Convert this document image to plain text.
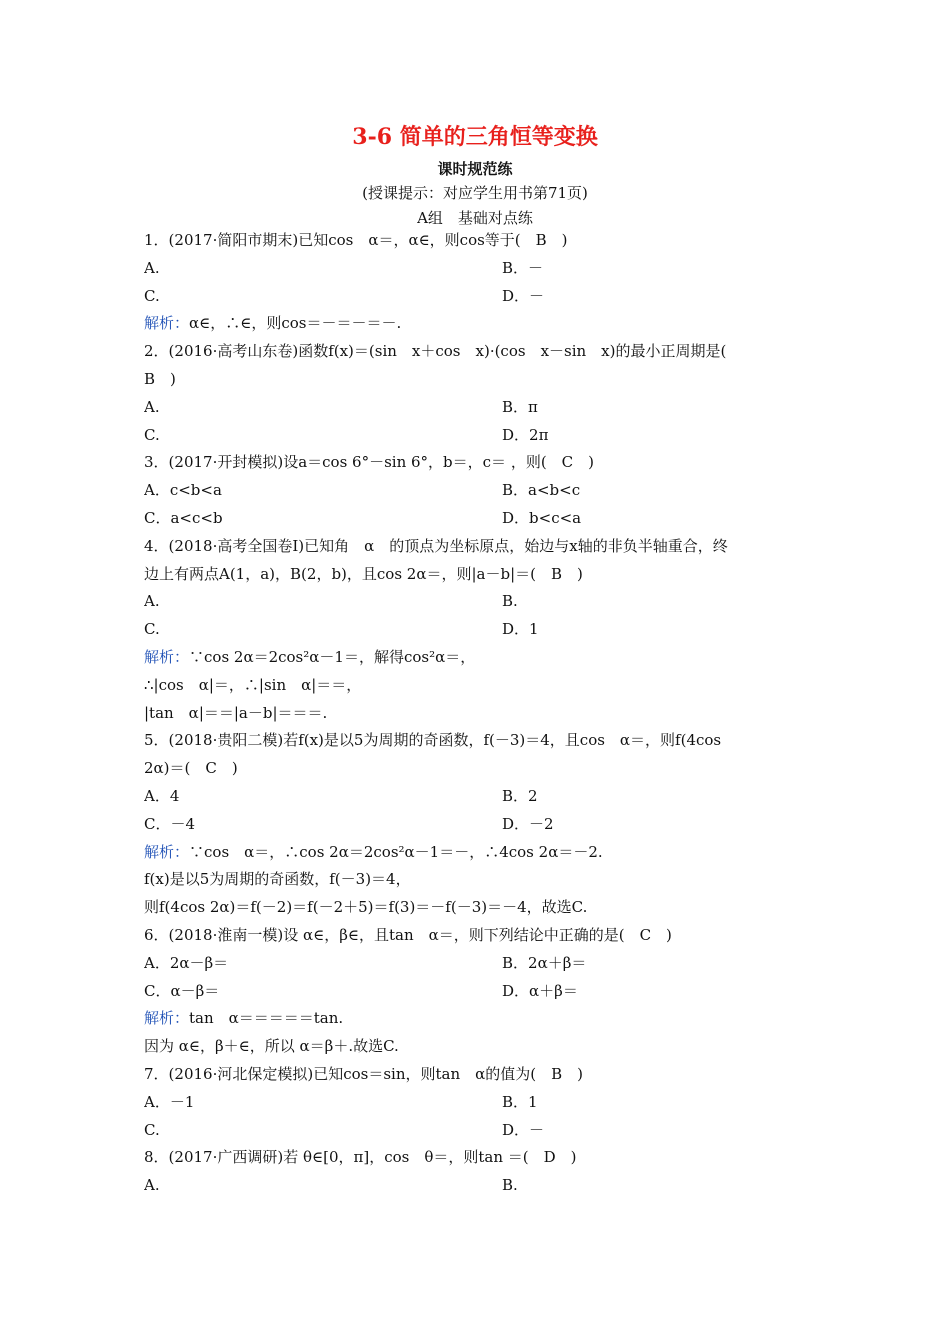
3-6 简单的三角恒等变换
课时规范练
(授课提示：对应学生用书第71页)
A组　基础对点练
1．(2017·简阳市期末)已知cos　α＝，α∈，则cos等于(　B　)
A.	B．－
C.	D．－
解析：α∈，∴∈，则cos＝－＝－＝－.
2．(2016·高考山东卷)函数f(x)＝(sin　x＋cos　x)·(cos　x－sin　x)的最小正周期是(
B　)
A.	B．π
C.	D．2π
3．(2017·开封模拟)设a＝cos 6°－sin 6°，b＝，c＝ ，则(　C　)
A．c<b<a	B．a<b<c
C．a<c<b	D．b<c<a
4．(2018·高考全国卷Ⅰ)已知角　α　的顶点为坐标原点，始边与x轴的非负半轴重合，终
边上有两点A(1，a)，B(2，b)，且cos 2α＝，则|a－b|＝(　B　)
A.	B.
C.	D．1
解析：∵cos 2α＝2cos²α－1＝，解得cos²α＝，
∴|cos　α|＝，∴|sin　α|＝＝，
|tan　α|＝＝|a－b|＝＝＝.
5．(2018·贵阳二模)若f(x)是以5为周期的奇函数，f(－3)＝4，且cos　α＝，则f(4cos
2α)＝(　C　)
A．4	B．2
C．－4	D．－2
解析：∵cos　α＝，∴cos 2α＝2cos²α－1＝－，∴4cos 2α＝－2.
f(x)是以5为周期的奇函数，f(－3)＝4，
则f(4cos 2α)＝f(－2)＝f(－2＋5)＝f(3)＝－f(－3)＝－4，故选C.
6．(2018·淮南一模)设 α∈，β∈，且tan　α＝，则下列结论中正确的是(　C　)
A．2α－β＝	B．2α＋β＝
C．α－β＝	D．α＋β＝
解析：tan　α＝＝＝＝＝tan.
因为 α∈，β＋∈，所以 α＝β＋.故选C.
7．(2016·河北保定模拟)已知cos＝sin，则tan　α的值为(　B　)
A．－1	B．1
C.	D．－
8．(2017·广西调研)若 θ∈[0，π]，cos　θ＝，则tan ＝(　D　)
A.	B.
